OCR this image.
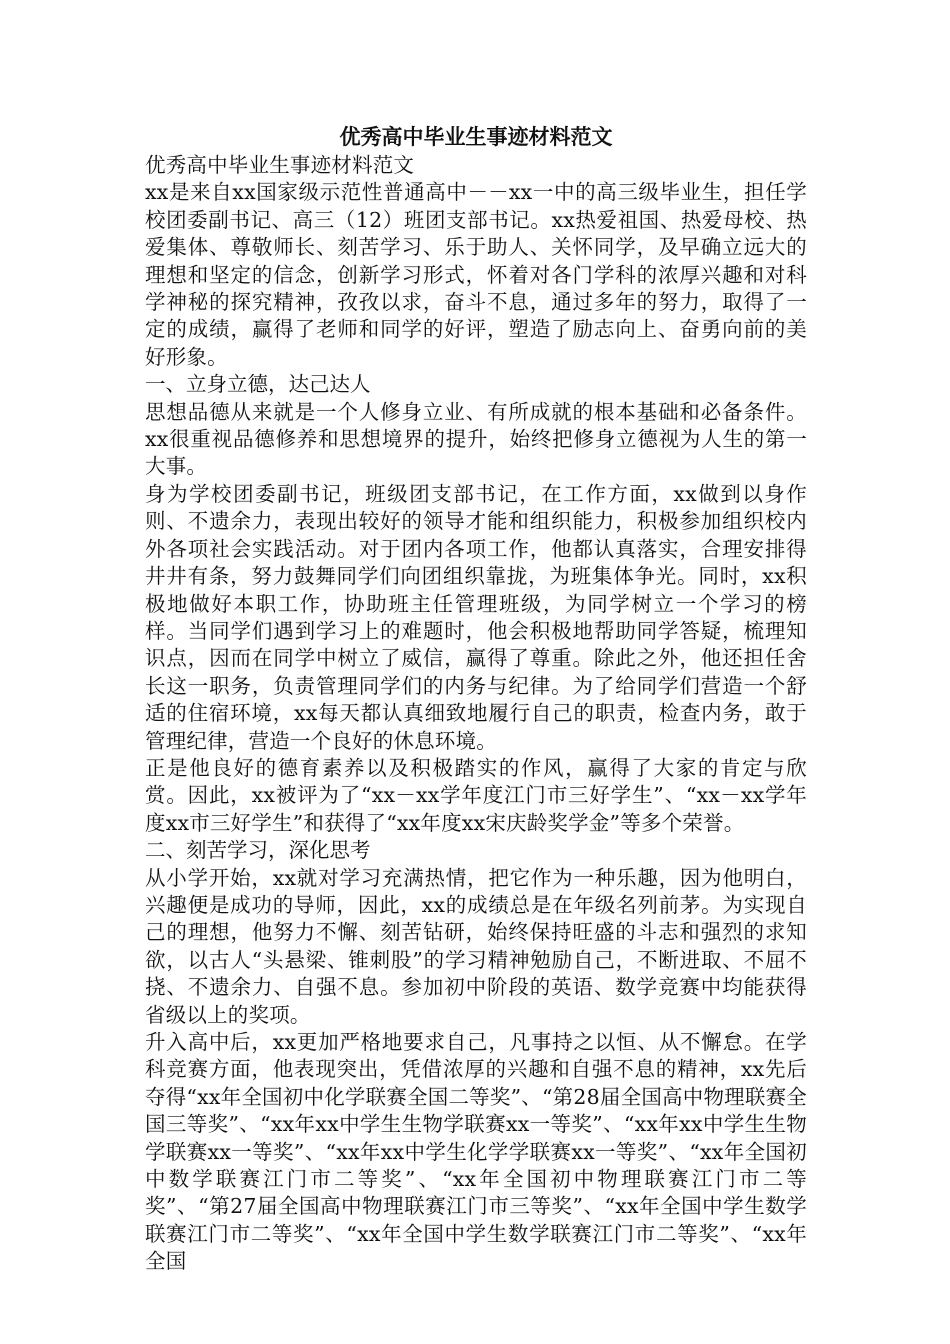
优秀高中毕业生事迹材料范文

优秀高中毕业生事迹材料范文

xx是来自xx国家级示范性普通高中－－xx一中的高三级毕业生，担任学校团委副书记、高三（12）班团支部书记。xx热爱祖国、热爱母校、热爱集体、尊敬师长、刻苦学习、乐于助人、关怀同学，及早确立远大的理想和坚定的信念，创新学习形式，怀着对各门学科的浓厚兴趣和对科学神秘的探究精神，孜孜以求，奋斗不息，通过多年的努力，取得了一定的成绩，赢得了老师和同学的好评，塑造了励志向上、奋勇向前的美好形象。

一、立身立德，达己达人

思想品德从来就是一个人修身立业、有所成就的根本基础和必备条件。xx很重视品德修养和思想境界的提升，始终把修身立德视为人生的第一大事。

身为学校团委副书记，班级团支部书记，在工作方面，xx做到以身作则、不遗余力，表现出较好的领导才能和组织能力，积极参加组织校内外各项社会实践活动。对于团内各项工作，他都认真落实，合理安排得井井有条，努力鼓舞同学们向团组织靠拢，为班集体争光。同时，xx积极地做好本职工作，协助班主任管理班级，为同学树立一个学习的榜样。当同学们遇到学习上的难题时，他会积极地帮助同学答疑，梳理知识点，因而在同学中树立了威信，赢得了尊重。除此之外，他还担任舍长这一职务，负责管理同学们的内务与纪律。为了给同学们营造一个舒适的住宿环境，xx每天都认真细致地履行自己的职责，检查内务，敢于管理纪律，营造一个良好的休息环境。

正是他良好的德育素养以及积极踏实的作风，赢得了大家的肯定与欣赏。因此，xx被评为了“xx－xx学年度江门市三好学生”、“xx－xx学年度xx市三好学生”和获得了“xx年度xx宋庆龄奖学金”等多个荣誉。

二、刻苦学习，深化思考

从小学开始，xx就对学习充满热情，把它作为一种乐趣，因为他明白，兴趣便是成功的导师，因此，xx的成绩总是在年级名列前茅。为实现自己的理想，他努力不懈、刻苦钻研，始终保持旺盛的斗志和强烈的求知欲，以古人“头悬梁、锥刺股”的学习精神勉励自己，不断进取、不屈不挠、不遗余力、自强不息。参加初中阶段的英语、数学竞赛中均能获得省级以上的奖项。

升入高中后，xx更加严格地要求自己，凡事持之以恒、从不懈怠。在学科竞赛方面，他表现突出，凭借浓厚的兴趣和自强不息的精神，xx先后夺得“xx年全国初中化学联赛全国二等奖”、“第28届全国高中物理联赛全国三等奖”、“xx年xx中学生生物学联赛xx一等奖”、“xx年xx中学生生物学联赛xx一等奖”、“xx年xx中学生化学学联赛xx一等奖”、“xx年全国初中数学联赛江门市二等奖”、“xx年全国初中物理联赛江门市二等奖”、“第27届全国高中物理联赛江门市三等奖”、“xx年全国中学生数学联赛江门市二等奖”、“xx年全国中学生数学联赛江门市二等奖”、“xx年全国
